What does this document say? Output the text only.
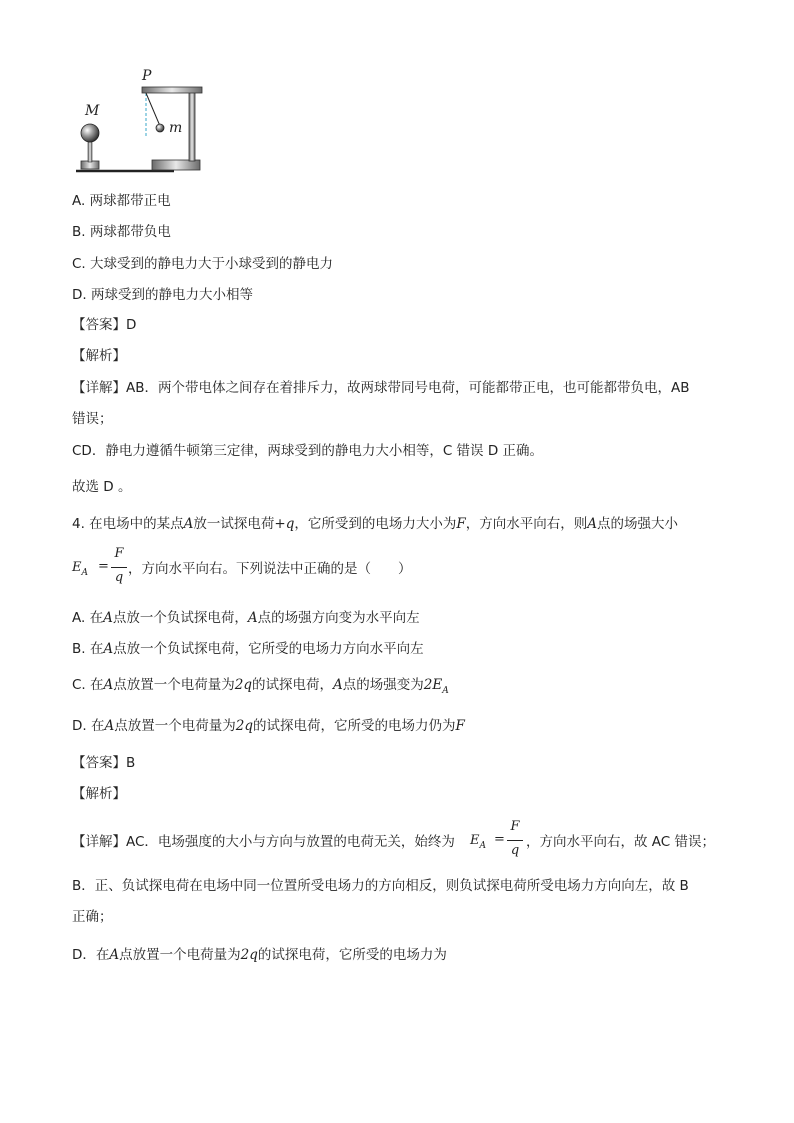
M
P
m
A. 两球都带正电
B. 两球都带负电
C. 大球受到的静电力大于小球受到的静电力
D. 两球受到的静电力大小相等
【答案】D
【解析】
【详解】AB．两个带电体之间存在着排斥力，故两球带同号电荷，可能都带正电，也可能都带负电，AB
错误；
CD．静电力遵循牛顿第三定律，两球受到的静电力大小相等，C 错误 D 正确。
故选 D 。
4. 在电场中的某点A放一试探电荷+q，它所受到的电场力大小为F，方向水平向右，则A点的场强大小
$E_A$ =
F
q
，方向水平向右。下列说法中正确的是（　　）
A. 在A点放一个负试探电荷，A点的场强方向变为水平向左
B. 在A点放一个负试探电荷，它所受的电场力方向水平向左
C. 在A点放置一个电荷量为2q的试探电荷，A点的场强变为$2E_A$
D. 在A点放置一个电荷量为2q的试探电荷，它所受的电场力仍为F
【答案】B
【解析】
【详解】AC．电场强度的大小与方向与放置的电荷无关，始终为 $E_A$ =
F
q
，方向水平向右，故 AC 错误；
B．正、负试探电荷在电场中同一位置所受电场力的方向相反，则负试探电荷所受电场力方向向左，故 B
正确；
D．在A点放置一个电荷量为2q的试探电荷，它所受的电场力为
